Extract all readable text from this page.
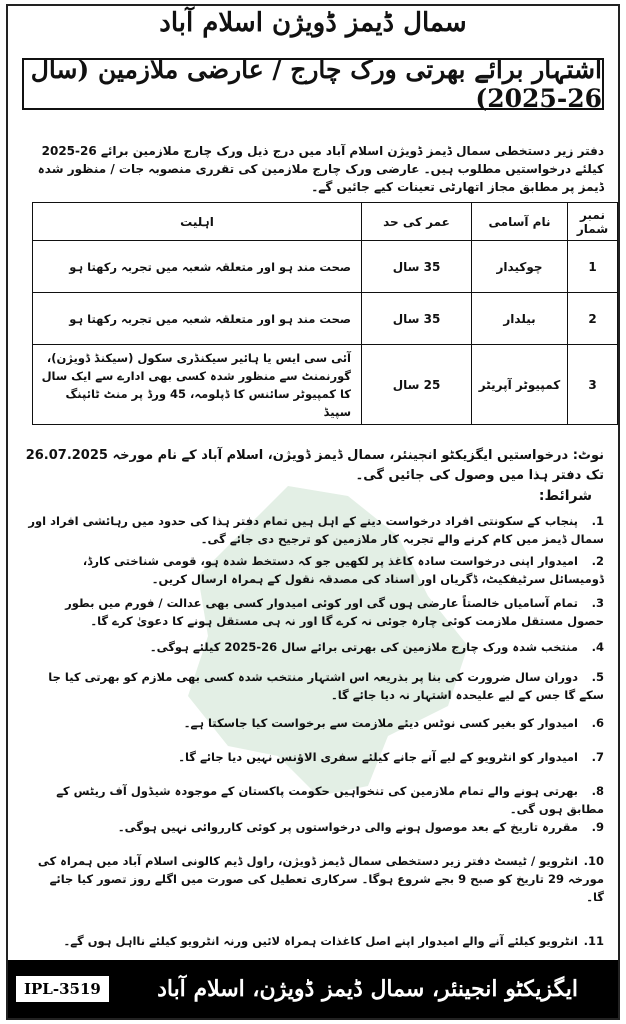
سمال ڈیمز ڈویژن اسلام آباد
اشتہار برائے بھرتی ورک چارج / عارضی ملازمین (سال 26-2025)
دفتر زیر دستخطی سمال ڈیمز ڈویژن اسلام آباد میں درج ذیل ورک چارج ملازمین برائے 26-2025 کیلئے درخواستیں مطلوب ہیں۔ عارضی ورک چارج ملازمین کی تقرری منصوبہ جات / منظور شدہ ڈیمز پر مطابق مجاز اتھارٹی تعینات کیے جائیں گے۔
نمبر شمار	نام آسامی	عمر کی حد	اہلیت
1	چوکیدار	35 سال	صحت مند ہو اور متعلقہ شعبہ میں تجربہ رکھتا ہو
2	بیلدار	35 سال	صحت مند ہو اور متعلقہ شعبہ میں تجربہ رکھتا ہو
3	کمپیوٹر آپریٹر	25 سال	آئی سی ایس یا ہائیر سیکنڈری سکول (سیکنڈ ڈویژن)، گورنمنٹ سے منظور شدہ کسی بھی ادارے سے ایک سال کا کمپیوٹر سائنس کا ڈپلومہ، 45 ورڈ پر منٹ ٹائپنگ سپیڈ
نوٹ: درخواستیں ایگزیکٹو انجینئر، سمال ڈیمز ڈویژن، اسلام آباد کے نام مورخہ 26.07.2025 تک دفتر ہذا میں وصول کی جائیں گی۔
شرائط:
1.پنجاب کے سکونتی افراد درخواست دینے کے اہل ہیں تمام دفتر ہذا کی حدود میں رہائشی افراد اور سمال ڈیمز میں کام کرنے والے تجربہ کار ملازمین کو ترجیح دی جائے گی۔
2.امیدوار اپنی درخواست سادہ کاغذ پر لکھیں جو کہ دستخط شدہ ہو، قومی شناختی کارڈ، ڈومیسائل سرٹیفکیٹ، ڈگریاں اور اسناد کی مصدقہ نقول کے ہمراہ ارسال کریں۔
3.تمام آسامیاں خالصتاً عارضی ہوں گی اور کوئی امیدوار کسی بھی عدالت / فورم میں بطور حصول مستقل ملازمت کوئی چارہ جوئی نہ کرے گا اور نہ ہی مستقل ہونے کا دعویٰ کرے گا۔
4.منتخب شدہ ورک چارج ملازمین کی بھرتی برائے سال 26-2025 کیلئے ہوگی۔
5.دوران سال ضرورت کی بنا پر بذریعہ اس اشتہار منتخب شدہ کسی بھی ملازم کو بھرتی کیا جا سکے گا جس کے لیے علیحدہ اشتہار نہ دیا جائے گا۔
6.امیدوار کو بغیر کسی نوٹس دیئے ملازمت سے برخواست کیا جاسکتا ہے۔
7.امیدوار کو انٹرویو کے لیے آنے جانے کیلئے سفری الاؤنس نہیں دیا جائے گا۔
8.بھرتی ہونے والے تمام ملازمین کی تنخواہیں حکومت پاکستان کے موجودہ شیڈول آف ریٹس کے مطابق ہوں گی۔
9.مقررہ تاریخ کے بعد موصول ہونے والی درخواستوں پر کوئی کارروائی نہیں ہوگی۔
10.انٹرویو / ٹیسٹ دفتر زیر دستخطی سمال ڈیمز ڈویژن، راول ڈیم کالونی اسلام آباد میں ہمراہ کی مورخہ 29 تاریخ کو صبح 9 بجے شروع ہوگا۔ سرکاری تعطیل کی صورت میں اگلے روز تصور کیا جائے گا۔
11.انٹرویو کیلئے آنے والے امیدوار اپنے اصل کاغذات ہمراہ لائیں ورنہ انٹرویو کیلئے نااہل ہوں گے۔
IPL-3519	ایگزیکٹو انجینئر، سمال ڈیمز ڈویژن، اسلام آباد
